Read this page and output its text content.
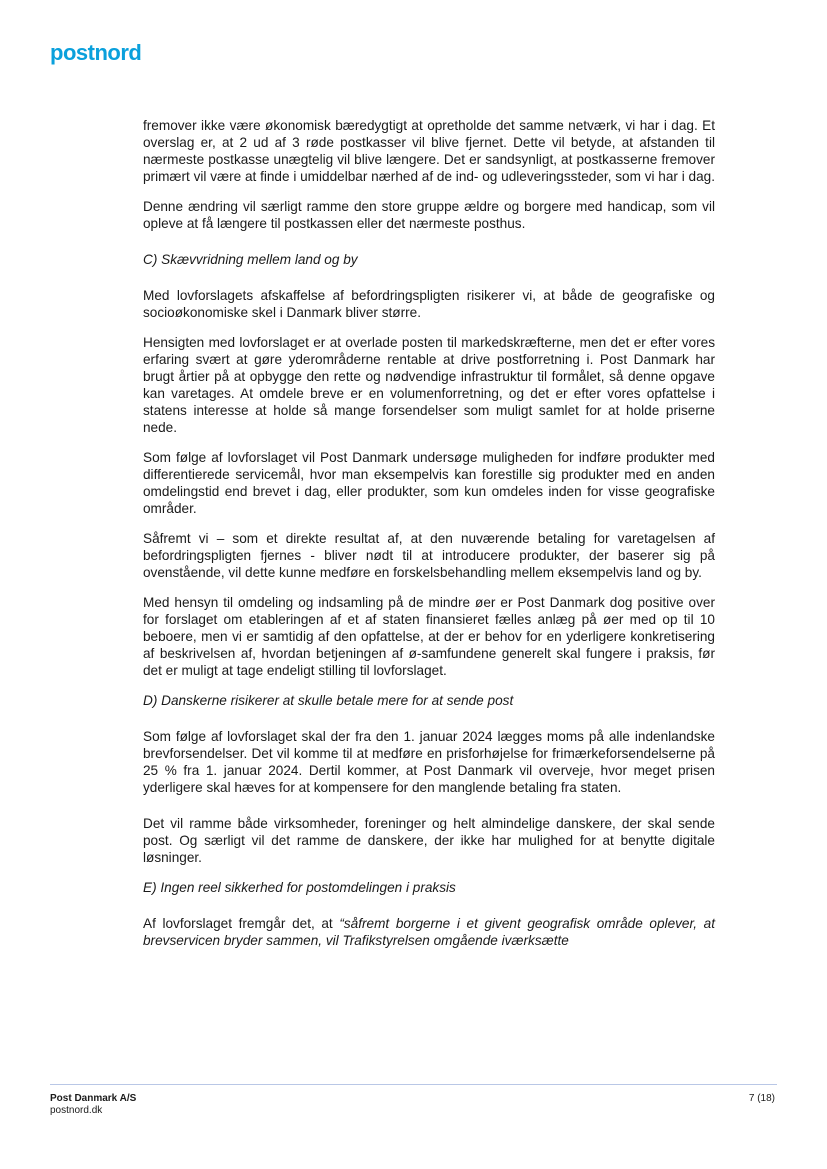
postnord

fremover ikke være økonomisk bæredygtigt at opretholde det samme netværk, vi har i dag. Et overslag er, at 2 ud af 3 røde postkasser vil blive fjernet. Dette vil betyde, at afstanden til nærmeste postkasse unægtelig vil blive længere. Det er sandsynligt, at postkasserne fremover primært vil være at finde i umiddelbar nærhed af de ind- og udleveringssteder, som vi har i dag.

Denne ændring vil særligt ramme den store gruppe ældre og borgere med handicap, som vil opleve at få længere til postkassen eller det nærmeste posthus.

C) Skævvridning mellem land og by

Med lovforslagets afskaffelse af befordringspligten risikerer vi, at både de geografiske og socioøkonomiske skel i Danmark bliver større.

Hensigten med lovforslaget er at overlade posten til markedskræfterne, men det er efter vores erfaring svært at gøre yderområderne rentable at drive postforretning i. Post Danmark har brugt årtier på at opbygge den rette og nødvendige infrastruktur til formålet, så denne opgave kan varetages. At omdele breve er en volumenforretning, og det er efter vores opfattelse i statens interesse at holde så mange forsendelser som muligt samlet for at holde priserne nede.

Som følge af lovforslaget vil Post Danmark undersøge muligheden for indføre produkter med differentierede servicemål, hvor man eksempelvis kan forestille sig produkter med en anden omdelingstid end brevet i dag, eller produkter, som kun omdeles inden for visse geografiske områder.

Såfremt vi – som et direkte resultat af, at den nuværende betaling for varetagelsen af befordringspligten fjernes - bliver nødt til at introducere produkter, der baserer sig på ovenstående, vil dette kunne medføre en forskelsbehandling mellem eksempelvis land og by.

Med hensyn til omdeling og indsamling på de mindre øer er Post Danmark dog positive over for forslaget om etableringen af et af staten finansieret fælles anlæg på øer med op til 10 beboere, men vi er samtidig af den opfattelse, at der er behov for en yderligere konkretisering af beskrivelsen af, hvordan betjeningen af ø-samfundene generelt skal fungere i praksis, før det er muligt at tage endeligt stilling til lovforslaget.

D) Danskerne risikerer at skulle betale mere for at sende post

Som følge af lovforslaget skal der fra den 1. januar 2024 lægges moms på alle indenlandske brevforsendelser. Det vil komme til at medføre en prisforhøjelse for frimærkeforsendelserne på 25 % fra 1. januar 2024. Dertil kommer, at Post Danmark vil overveje, hvor meget prisen yderligere skal hæves for at kompensere for den manglende betaling fra staten.

Det vil ramme både virksomheder, foreninger og helt almindelige danskere, der skal sende post. Og særligt vil det ramme de danskere, der ikke har mulighed for at benytte digitale løsninger.

E) Ingen reel sikkerhed for postomdelingen i praksis

Af lovforslaget fremgår det, at “såfremt borgerne i et givent geografisk område oplever, at brevservicen bryder sammen, vil Trafikstyrelsen omgående iværksætte

Post Danmark A/S
postnord.dk
7 (18)
